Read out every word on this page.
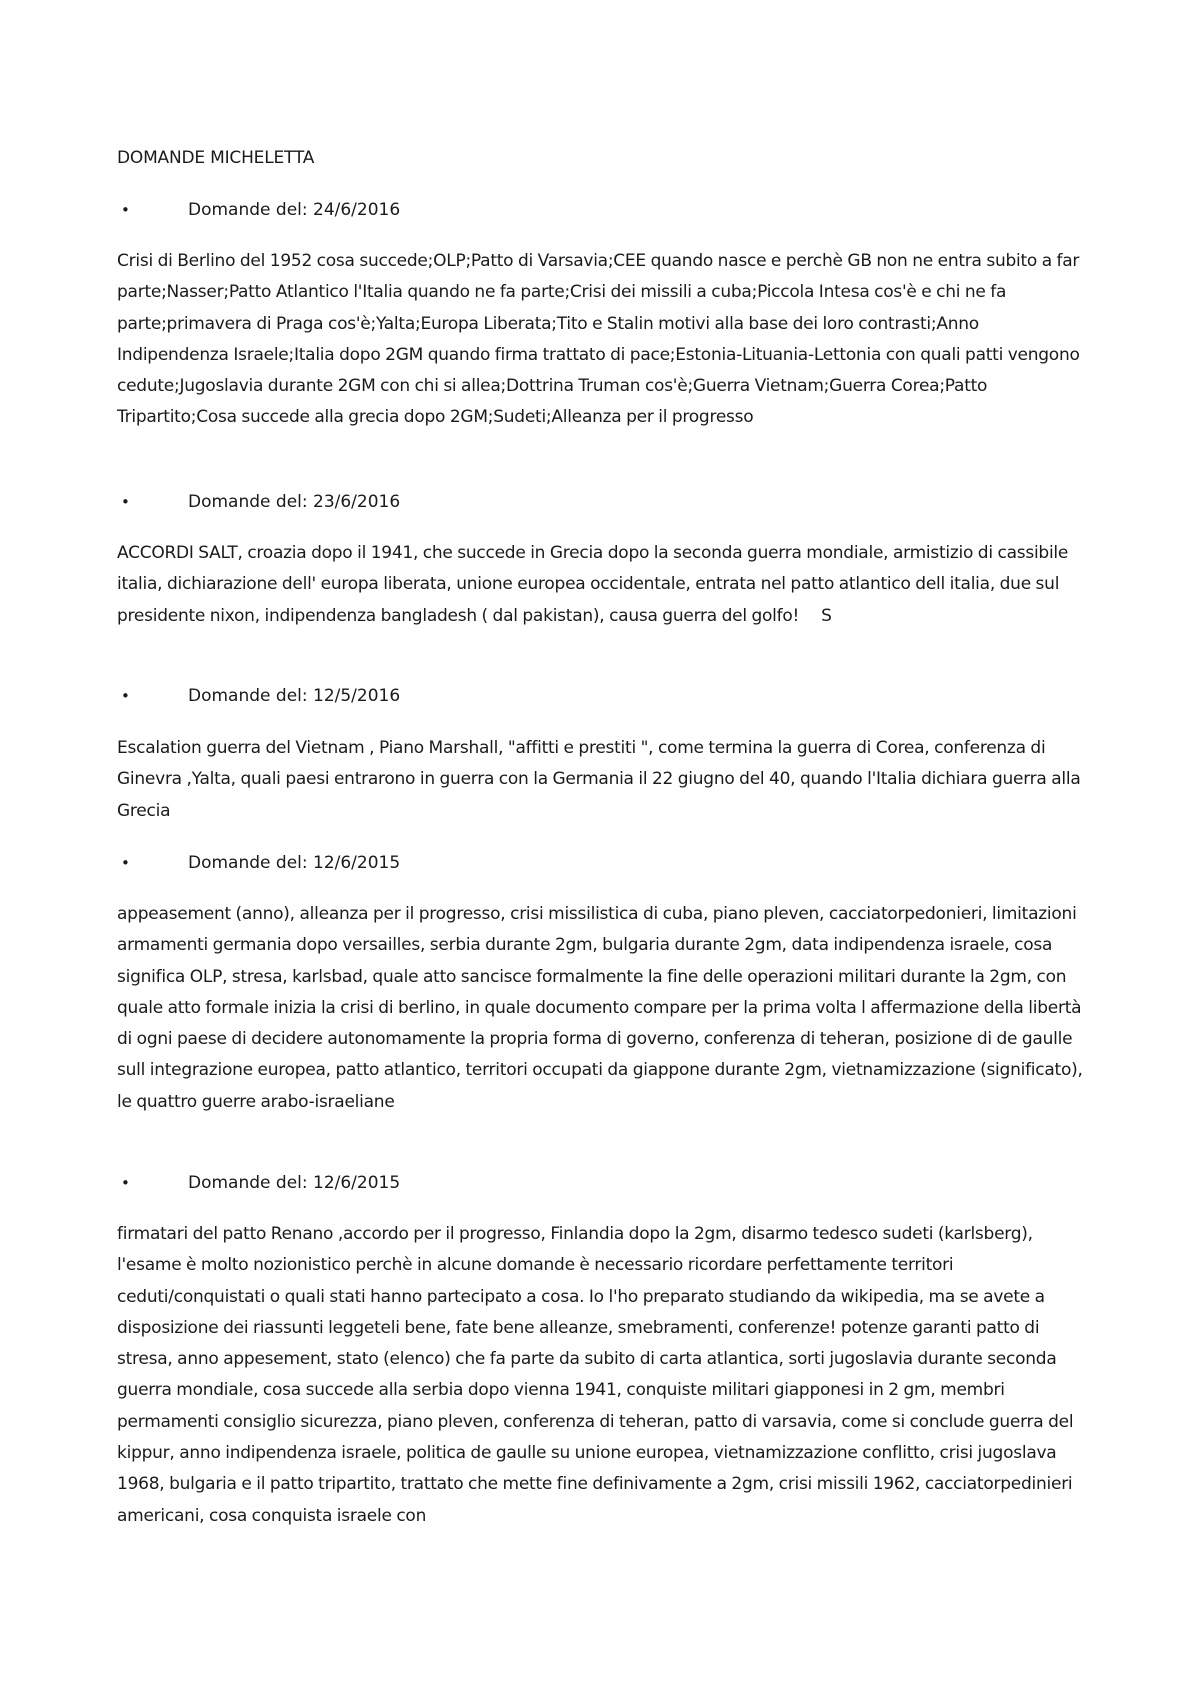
DOMANDE MICHELETTA

•	Domande del: 24/6/2016

Crisi di Berlino del 1952 cosa succede;OLP;Patto di Varsavia;CEE quando nasce e perchè GB non ne entra subito a far parte;Nasser;Patto Atlantico l'Italia quando ne fa parte;Crisi dei missili a cuba;Piccola Intesa cos'è e chi ne fa parte;primavera di Praga cos'è;Yalta;Europa Liberata;Tito e Stalin motivi alla base dei loro contrasti;Anno Indipendenza Israele;Italia dopo 2GM quando firma trattato di pace;Estonia-Lituania-Lettonia con quali patti vengono cedute;Jugoslavia durante 2GM con chi si allea;Dottrina Truman cos'è;Guerra Vietnam;Guerra Corea;Patto Tripartito;Cosa succede alla grecia dopo 2GM;Sudeti;Alleanza per il progresso

•	Domande del: 23/6/2016

ACCORDI SALT, croazia dopo il 1941, che succede in Grecia dopo la seconda guerra mondiale, armistizio di cassibile italia, dichiarazione dell' europa liberata, unione europea occidentale, entrata nel patto atlantico dell italia, due sul presidente nixon, indipendenza bangladesh ( dal pakistan), causa guerra del golfo! S

•	Domande del: 12/5/2016

Escalation guerra del Vietnam , Piano Marshall, "affitti e prestiti ", come termina la guerra di Corea, conferenza di Ginevra ,Yalta, quali paesi entrarono in guerra con la Germania il 22 giugno del 40, quando l'Italia dichiara guerra alla Grecia

•	Domande del: 12/6/2015

appeasement (anno), alleanza per il progresso, crisi missilistica di cuba, piano pleven, cacciatorpedonieri, limitazioni armamenti germania dopo versailles, serbia durante 2gm, bulgaria durante 2gm, data indipendenza israele, cosa significa OLP, stresa, karlsbad, quale atto sancisce formalmente la fine delle operazioni militari durante la 2gm, con quale atto formale inizia la crisi di berlino, in quale documento compare per la prima volta l affermazione della libertà di ogni paese di decidere autonomamente la propria forma di governo, conferenza di teheran, posizione di de gaulle sull integrazione europea, patto atlantico, territori occupati da giappone durante 2gm, vietnamizzazione (significato), le quattro guerre arabo-israeliane

•	Domande del: 12/6/2015

firmatari del patto Renano ,accordo per il progresso, Finlandia dopo la 2gm, disarmo tedesco sudeti (karlsberg), l'esame è molto nozionistico perchè in alcune domande è necessario ricordare perfettamente territori ceduti/conquistati o quali stati hanno partecipato a cosa. Io l'ho preparato studiando da wikipedia, ma se avete a disposizione dei riassunti leggeteli bene, fate bene alleanze, smebramenti, conferenze! potenze garanti patto di stresa, anno appesement, stato (elenco) che fa parte da subito di carta atlantica, sorti jugoslavia durante seconda guerra mondiale, cosa succede alla serbia dopo vienna 1941, conquiste militari giapponesi in 2 gm, membri permamenti consiglio sicurezza, piano pleven, conferenza di teheran, patto di varsavia, come si conclude guerra del kippur, anno indipendenza israele, politica de gaulle su unione europea, vietnamizzazione conflitto, crisi jugoslava 1968, bulgaria e il patto tripartito, trattato che mette fine definivamente a 2gm, crisi missili 1962, cacciatorpedinieri americani, cosa conquista israele con
